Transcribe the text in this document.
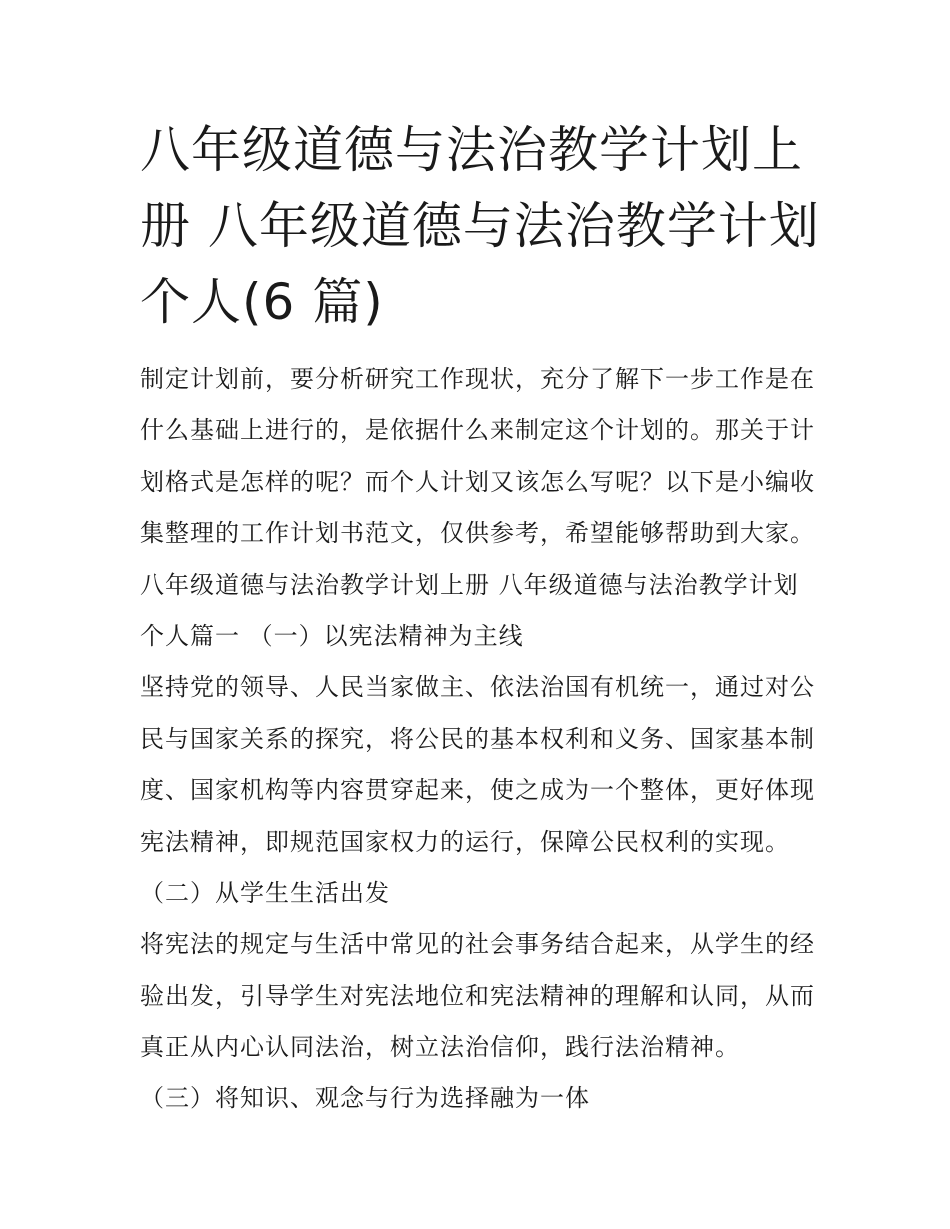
八年级道德与法治教学计划上
册 八年级道德与法治教学计划
个人(6 篇)
制定计划前，要分析研究工作现状，充分了解下一步工作是在
什么基础上进行的，是依据什么来制定这个计划的。那关于计
划格式是怎样的呢？而个人计划又该怎么写呢？以下是小编收
集整理的工作计划书范文，仅供参考，希望能够帮助到大家。
八年级道德与法治教学计划上册 八年级道德与法治教学计划
个人篇一 （一）以宪法精神为主线
坚持党的领导、人民当家做主、依法治国有机统一，通过对公
民与国家关系的探究，将公民的基本权利和义务、国家基本制
度、国家机构等内容贯穿起来，使之成为一个整体，更好体现
宪法精神，即规范国家权力的运行，保障公民权利的实现。
（二）从学生生活出发
将宪法的规定与生活中常见的社会事务结合起来，从学生的经
验出发，引导学生对宪法地位和宪法精神的理解和认同，从而
真正从内心认同法治，树立法治信仰，践行法治精神。
（三）将知识、观念与行为选择融为一体
